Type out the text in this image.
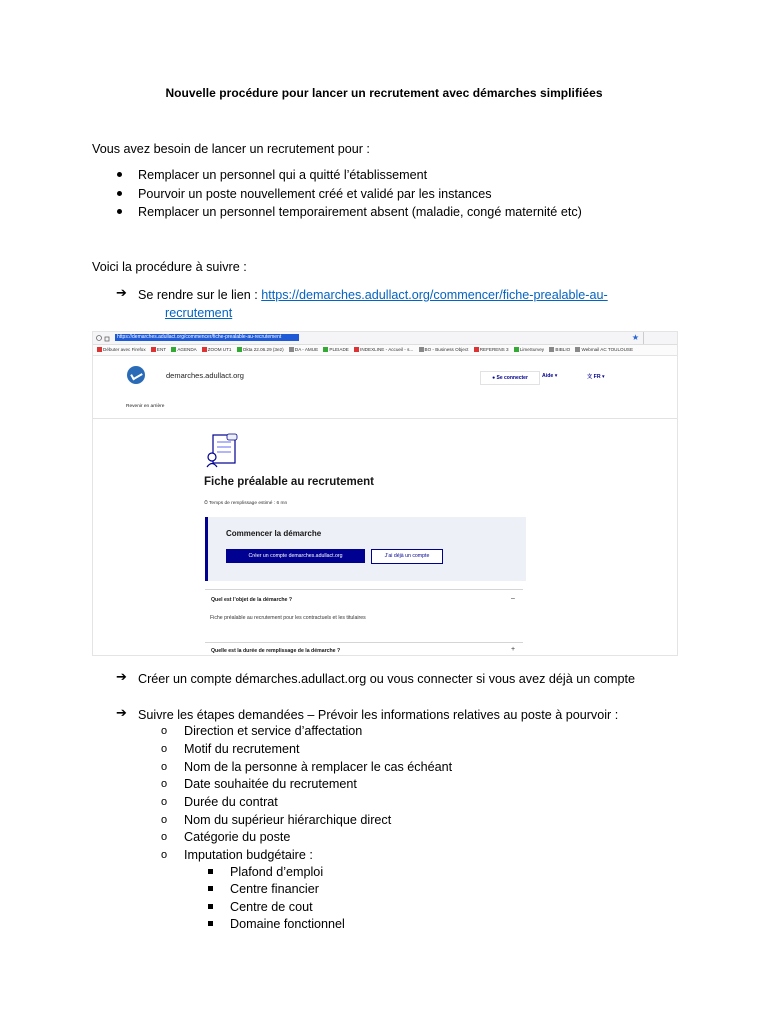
Nouvelle procédure pour lancer un recrutement avec démarches simplifiées
Vous avez besoin de lancer un recrutement pour :
Remplacer un personnel qui a quitté l’établissement
Pourvoir un poste nouvellement créé et validé par les instances
Remplacer un personnel temporairement absent (maladie, congé maternité etc)
Voici la procédure à suivre :
➔ Se rendre sur le lien : https://demarches.adullact.org/commencer/fiche-prealable-au-
recrutement
https://demarches.adullact.org/commencer/fiche-prealable-au-recrutement	★
Débuter avec Firefox ENT AGENDA ZOOM UT1 Okta 22.06.29 (3e2) DA - AMUE PLEIADE INDEXLINE - Accueil - s... BO - Business Object REFERENS 3 LimeSurvey BIBLIO Webmail AC TOULOUSE
demarches.adullact.org	● Se connecter	Aide ▾	文 FR ▾
Revenir en arrière
Fiche préalable au recrutement
⏱ Temps de remplissage estimé : 6 mn
Commencer la démarche
Créer un compte demarches.adullact.org	J’ai déjà un compte
Quel est l’objet de la démarche ?	–
Fiche préalable au recrutement pour les contractuels et les titulaires
Quelle est la durée de remplissage de la démarche ?	+
➔ Créer un compte démarches.adullact.org ou vous connecter si vous avez déjà un compte
➔ Suivre les étapes demandées – Prévoir les informations relatives au poste à pourvoir :
o Direction et service d’affectation
o Motif du recrutement
o Nom de la personne à remplacer le cas échéant
o Date souhaitée du recrutement
o Durée du contrat
o Nom du supérieur hiérarchique direct
o Catégorie du poste
o Imputation budgétaire :
Plafond d’emploi
Centre financier
Centre de cout
Domaine fonctionnel
